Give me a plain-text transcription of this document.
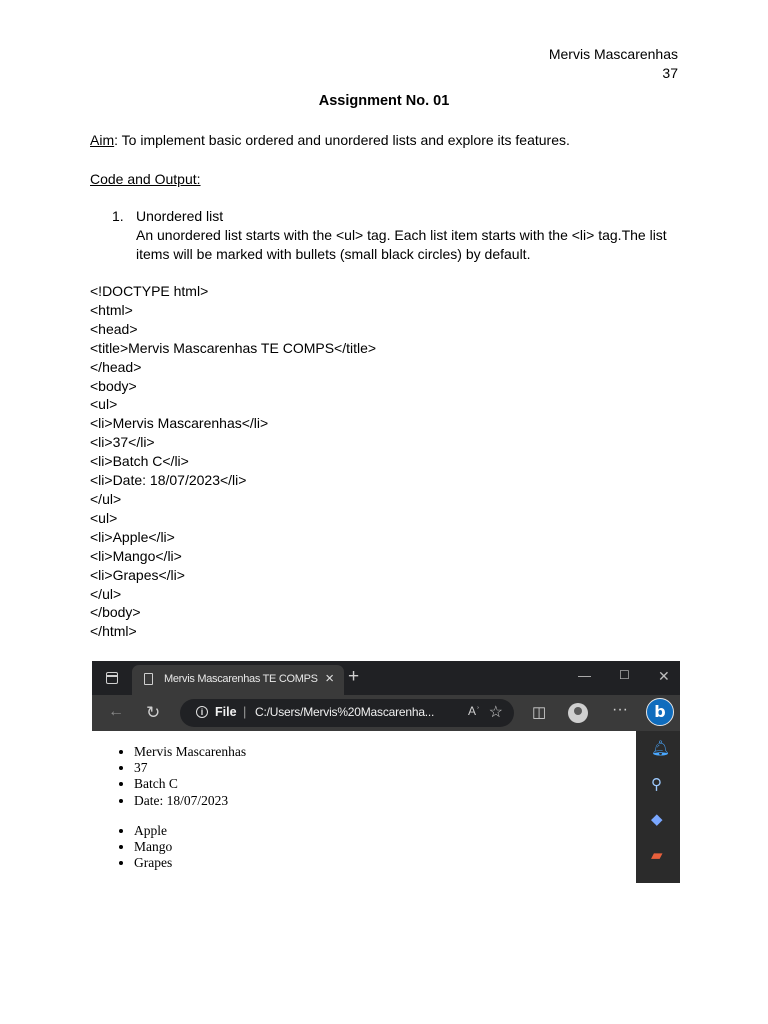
Mervis Mascarenhas
37
Assignment No. 01
Aim: To implement basic ordered and unordered lists and explore its features.
Code and Output:
1. Unordered list
An unordered list starts with the <ul> tag. Each list item starts with the <li> tag.The list items will be marked with bullets (small black circles) by default.
<!DOCTYPE html>
<html>
<head>
<title>Mervis Mascarenhas TE COMPS</title>
</head>
<body>
<ul>
<li>Mervis Mascarenhas</li>
<li>37</li>
<li>Batch C</li>
<li>Date: 18/07/2023</li>
</ul>
<ul>
<li>Apple</li>
<li>Mango</li>
<li>Grapes</li>
</ul>
</body>
</html>
Mervis Mascarenhas TE COMPS × +	— ☐ ✕
← ↻	i File | C:/Users/Mervis%20Mascarenha...	Aʾ ☆ ◫	···	b
• Mervis Mascarenhas
• 37
• Batch C
• Date: 18/07/2023
• Apple
• Mango
• Grapes
🔔︎
⚲
◆
▰
